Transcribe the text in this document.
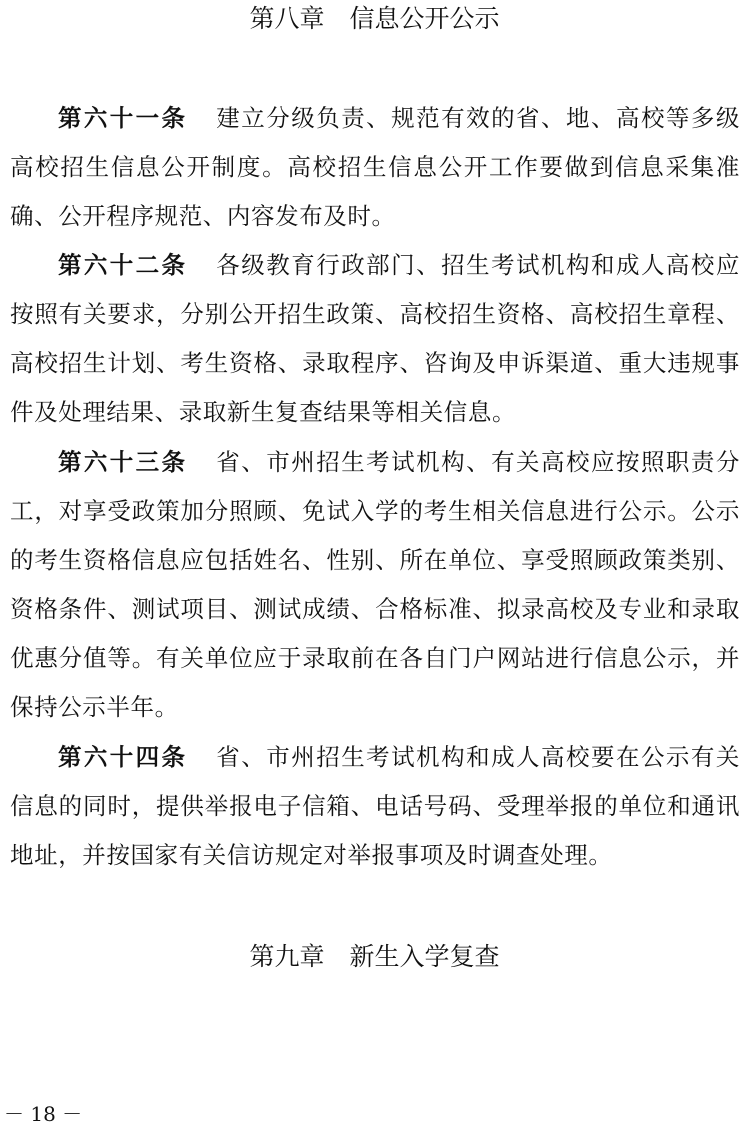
第八章　信息公开公示

第六十一条 建立分级负责、规范有效的省、地、高校等多级高校招生信息公开制度。高校招生信息公开工作要做到信息采集准确、公开程序规范、内容发布及时。

第六十二条 各级教育行政部门、招生考试机构和成人高校应按照有关要求，分别公开招生政策、高校招生资格、高校招生章程、高校招生计划、考生资格、录取程序、咨询及申诉渠道、重大违规事件及处理结果、录取新生复查结果等相关信息。

第六十三条 省、市州招生考试机构、有关高校应按照职责分工，对享受政策加分照顾、免试入学的考生相关信息进行公示。公示的考生资格信息应包括姓名、性别、所在单位、享受照顾政策类别、资格条件、测试项目、测试成绩、合格标准、拟录高校及专业和录取优惠分值等。有关单位应于录取前在各自门户网站进行信息公示，并保持公示半年。

第六十四条 省、市州招生考试机构和成人高校要在公示有关信息的同时，提供举报电子信箱、电话号码、受理举报的单位和通讯地址，并按国家有关信访规定对举报事项及时调查处理。

第九章　新生入学复查
－ 18 －
